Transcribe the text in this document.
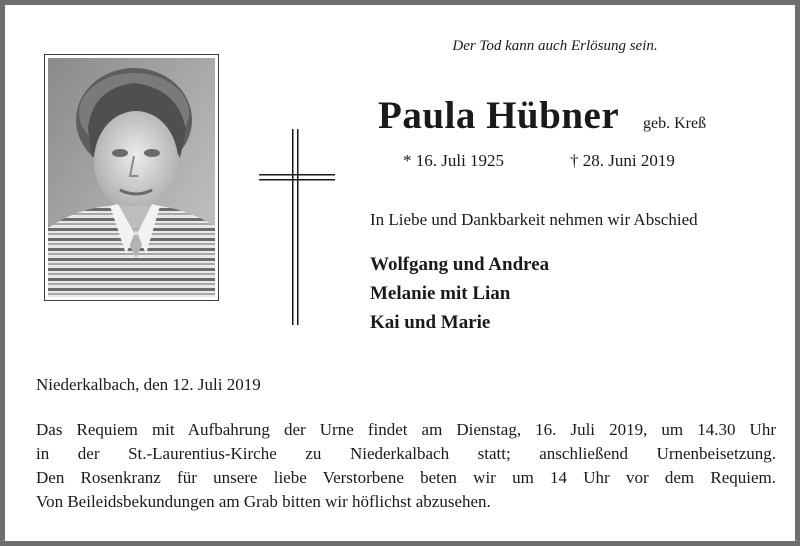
Der Tod kann auch Erlösung sein.
Paula Hübner geb. Kreß
* 16. Juli 1925	† 28. Juni 2019
In Liebe und Dankbarkeit nehmen wir Abschied
Wolfgang und Andrea
Melanie mit Lian
Kai und Marie
Niederkalbach, den 12. Juli 2019
Das Requiem mit Aufbahrung der Urne findet am Dienstag, 16. Juli 2019, um 14.30 Uhr
in der St.-Laurentius-Kirche zu Niederkalbach statt; anschließend Urnenbeisetzung.
Den Rosenkranz für unsere liebe Verstorbene beten wir um 14 Uhr vor dem Requiem.
Von Beileidsbekundungen am Grab bitten wir höflichst abzusehen.
